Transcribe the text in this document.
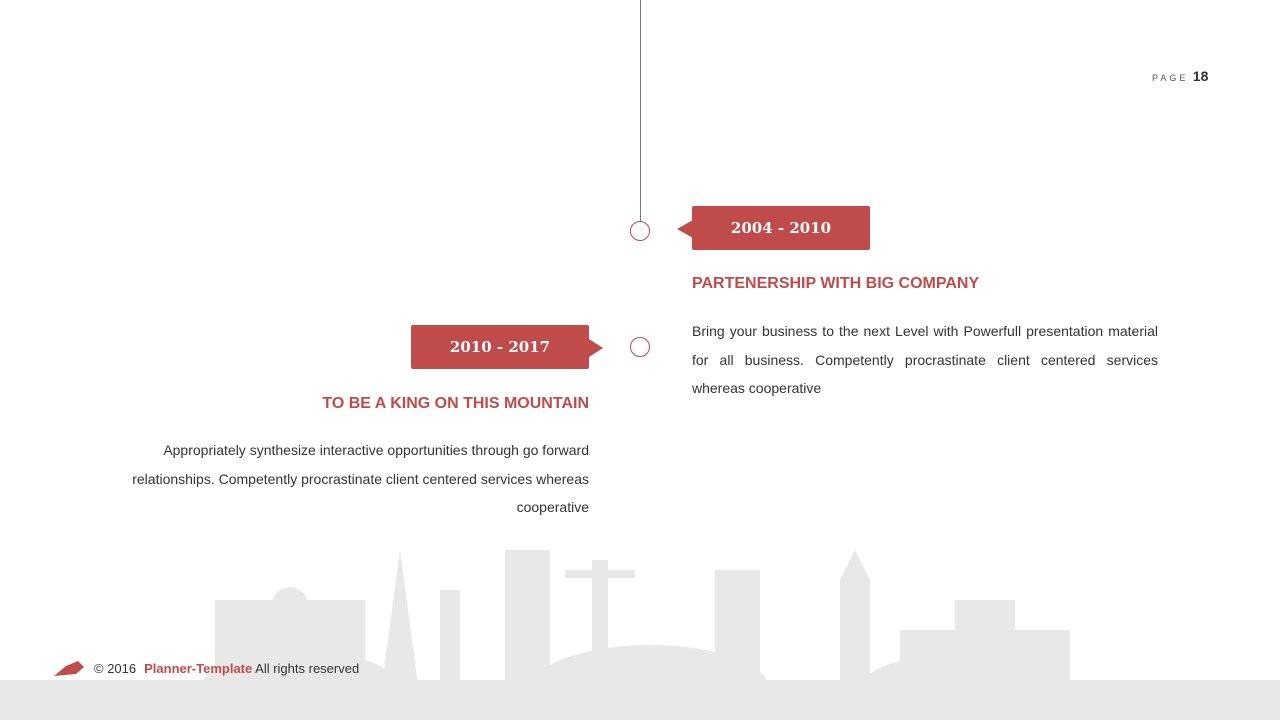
PAGE 18
2004 - 2010
PARTENERSHIP WITH BIG COMPANY
Bring your business to the next Level with Powerfull presentation material for all business. Competently procrastinate client centered services whereas cooperative
2010 - 2017
TO BE A KING ON THIS MOUNTAIN
Appropriately synthesize interactive opportunities through go forward relationships. Competently procrastinate client centered services whereas cooperative
© 2016 Planner-Template All rights reserved
